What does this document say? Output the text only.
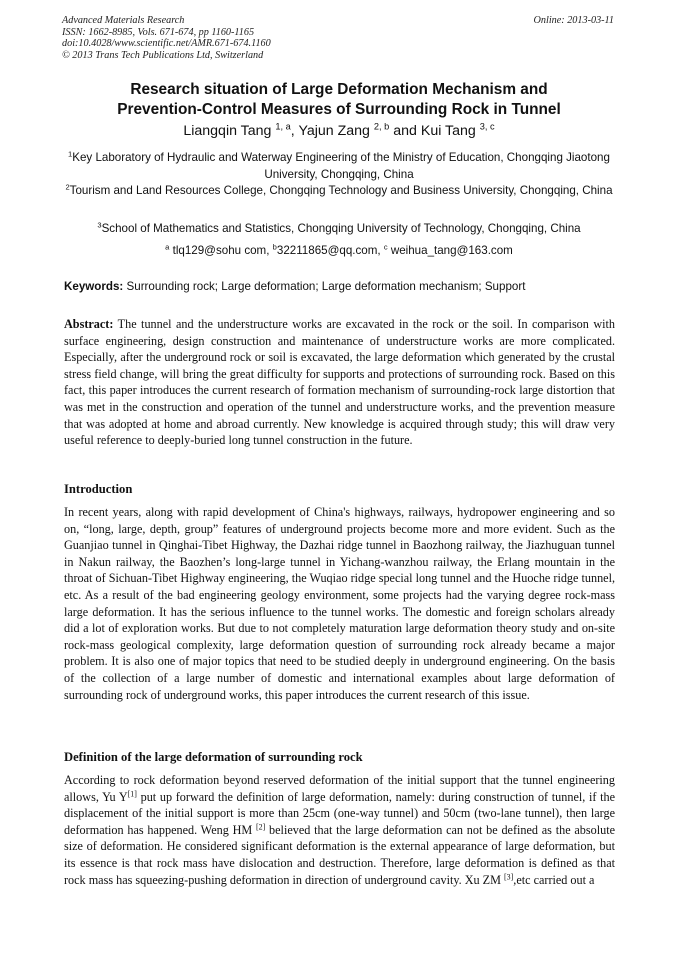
Advanced Materials Research
ISSN: 1662-8985, Vols. 671-674, pp 1160-1165
doi:10.4028/www.scientific.net/AMR.671-674.1160
© 2013 Trans Tech Publications Ltd, Switzerland
Online: 2013-03-11
Research situation of Large Deformation Mechanism and
Prevention-Control Measures of Surrounding Rock in Tunnel
Liangqin Tang $^{1, a}$, Yajun Zang $^{2, b}$ and Kui Tang $^{3, c}$
$^1$Key Laboratory of Hydraulic and Waterway Engineering of the Ministry of Education, Chongqing Jiaotong University, Chongqing, China
$^2$Tourism and Land Resources College, Chongqing Technology and Business University, Chongqing, China
$^3$School of Mathematics and Statistics, Chongqing University of Technology, Chongqing, China
$^a$ tlq129@sohu com, $^b$32211865@qq.com, $^c$ weihua_tang@163.com
Keywords: Surrounding rock; Large deformation; Large deformation mechanism; Support
Abstract: The tunnel and the understructure works are excavated in the rock or the soil. In comparison with surface engineering, design construction and maintenance of understructure works are more complicated. Especially, after the underground rock or soil is excavated, the large deformation which generated by the crustal stress field change, will bring the great difficulty for supports and protections of surrounding rock. Based on this fact, this paper introduces the current research of formation mechanism of surrounding-rock large distortion that was met in the construction and operation of the tunnel and understructure works, and the prevention measure that was adopted at home and abroad currently. New knowledge is acquired through study; this will draw very useful reference to deeply-buried long tunnel construction in the future.
Introduction
In recent years, along with rapid development of China's highways, railways, hydropower engineering and so on, “long, large, depth, group” features of underground projects become more and more evident. Such as the Guanjiao tunnel in Qinghai-Tibet Highway, the Dazhai ridge tunnel in Baozhong railway, the Jiazhuguan tunnel in Nakun railway, the Baozhen’s long-large tunnel in Yichang-wanzhou railway, the Erlang mountain in the throat of Sichuan-Tibet Highway engineering, the Wuqiao ridge special long tunnel and the Huoche ridge tunnel, etc. As a result of the bad engineering geology environment, some projects had the varying degree rock-mass large deformation. It has the serious influence to the tunnel works. The domestic and foreign scholars already did a lot of exploration works. But due to not completely maturation large deformation theory study and on-site rock-mass geological complexity, large deformation question of surrounding rock already became a major problem. It is also one of major topics that need to be studied deeply in underground engineering. On the basis of the collection of a large number of domestic and international examples about large deformation of surrounding rock of underground works, this paper introduces the current research of this issue.
Definition of the large deformation of surrounding rock
According to rock deformation beyond reserved deformation of the initial support that the tunnel engineering allows, Yu Y[1] put up forward the definition of large deformation, namely: during construction of tunnel, if the displacement of the initial support is more than 25cm (one-way tunnel) and 50cm (two-lane tunnel), then large deformation has happened. Weng HM [2] believed that the large deformation can not be defined as the absolute size of deformation. He considered significant deformation is the external appearance of large deformation, but its essence is that rock mass have dislocation and destruction. Therefore, large deformation is defined as that rock mass has squeezing-pushing deformation in direction of underground cavity. Xu ZM [3],etc carried out a
